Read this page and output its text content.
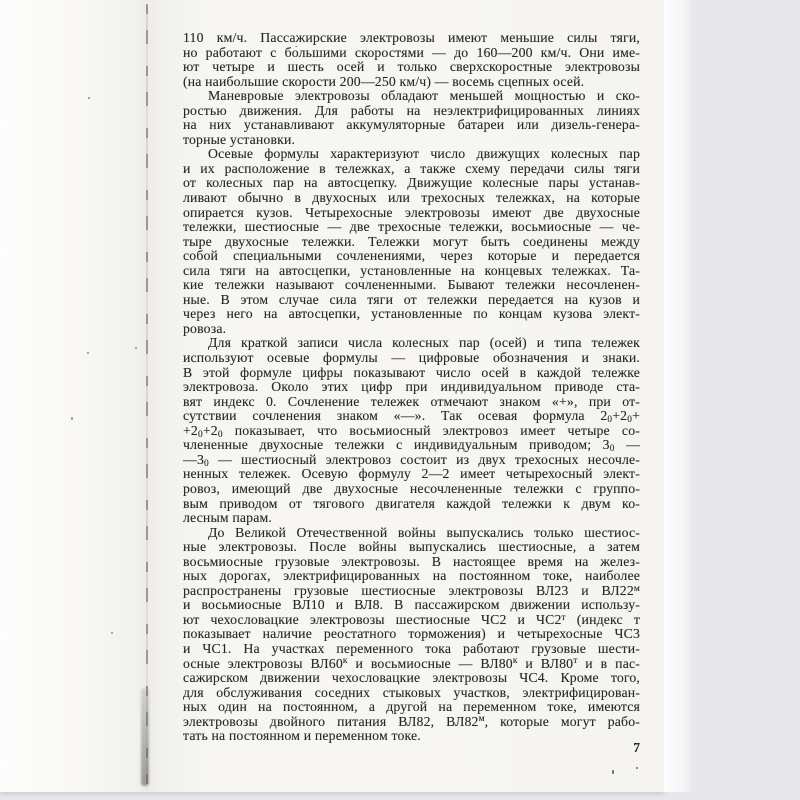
110 км/ч. Пассажирские электровозы имеют меньшие силы тяги,
но работают с бо́льшими скоростями — до 160—200 км/ч. Они име-
ют четыре и шесть осей и только сверхскоростные электровозы
(на наибольшие скорости 200—250 км/ч) — восемь сцепных осей.
Маневровые электровозы обладают меньшей мощностью и ско-
ростью движения. Для работы на неэлектрифицированных линиях
на них устанавливают аккумуляторные батареи или дизель-генера-
торные установки.
Осевые формулы характеризуют число движущих колесных пар
и их расположение в тележках, а также схему передачи силы тяги
от колесных пар на автосцепку. Движущие колесные пары устанав-
ливают обычно в двухосных или трехосных тележках, на которые
опирается кузов. Четырехосные электровозы имеют две двухосные
тележки, шестиосные — две трехосные тележки, восьмиосные — че-
тыре двухосные тележки. Тележки могут быть соединены между
собой специальными сочленениями, через которые и передается
сила тяги на автосцепки, установленные на концевых тележках. Та-
кие тележки называют сочлененными. Бывают тележки несочленен-
ные. В этом случае сила тяги от тележки передается на кузов и
через него на автосцепки, установленные по концам кузова элект-
ровоза.
Для краткой записи числа колесных пар (осей) и типа тележек
используют осевые формулы — цифровые обозначения и знаки.
В этой формуле цифры показывают число осей в каждой тележке
электровоза. Около этих цифр при индивидуальном приводе ста-
вят индекс 0. Сочленение тележек отмечают знаком «+», при от-
сутствии сочленения знаком «—». Так осевая формула $2_0+2_0+$
$+2_0+2_0$ показывает, что восьмиосный электровоз имеет четыре со-
члененные двухосные тележки с индивидуальным приводом; $3_0$ —
$—3_0$ — шестиосный электровоз состоит из двух трехосных несочле-
ненных тележек. Осевую формулу 2—2 имеет четырехосный элект-
ровоз, имеющий две двухосные несочлененные тележки с группо-
вым приводом от тягового двигателя каждой тележки к двум ко-
лесным парам.
До Великой Отечественной войны выпускались только шестиос-
ные электровозы. После войны выпускались шестиосные, а затем
восьмиосные грузовые электровозы. В настоящее время на желез-
ных дорогах, электрифицированных на постоянном токе, наиболее
распространены грузовые шестиосные электровозы ВЛ23 и $ВЛ22^м$
и восьмиосные ВЛ10 и ВЛ8. В пассажирском движении использу-
ют чехословацкие электровозы шестиосные ЧС2 и $ЧС2^т$ (индекс т
показывает наличие реостатного торможения) и четырехосные ЧС3
и ЧС1. На участках переменного тока работают грузовые шести-
осные электровозы $ВЛ60^к$ и восьмиосные — $ВЛ80^к$ и $ВЛ80^т$ и в пас-
сажирском движении чехословацкие электровозы ЧС4. Кроме того,
для обслуживания соседних стыковых участков, электрифицирован-
ных один на постоянном, а другой на переменном токе, имеются
электровозы двойного питания ВЛ82, $ВЛ82^м$, которые могут рабо-
тать на постоянном и переменном токе.
7
